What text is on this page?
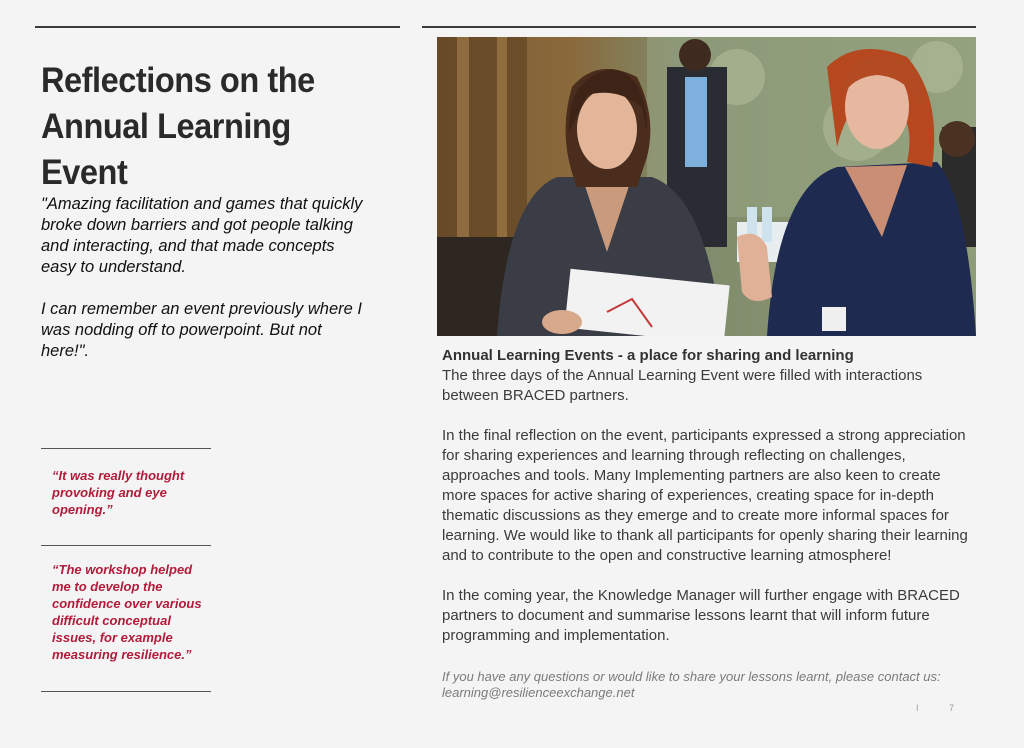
Reflections on the Annual Learning Event

"Amazing facilitation and games that quickly broke down barriers and got people talking and interacting, and that made concepts easy to understand.

I can remember an event previously where I was nodding off to powerpoint. But not here!".

“It was really thought provoking and eye opening.”
“The workshop helped me to develop the confidence over various difficult conceptual issues, for example measuring resilience.”

Annual Learning Events - a place for sharing and learning
The three days of the Annual Learning Event were filled with interactions between BRACED partners.

In the final reflection on the event, participants expressed a strong appreciation for sharing experiences and learning through reflecting on challenges, approaches and tools. Many Implementing partners are also keen to create more spaces for active sharing of experiences, creating space for in-depth thematic discussions as they emerge and to create more informal spaces for learning. We would like to thank all participants for openly sharing their learning and to contribute to the open and constructive learning atmosphere!

In the coming year, the Knowledge Manager will further engage with BRACED partners to document and summarise lessons learnt that will inform future programming and implementation.

If you have any questions or would like to share your lessons learnt, please contact us: learning@resilienceexchange.net
I	7
